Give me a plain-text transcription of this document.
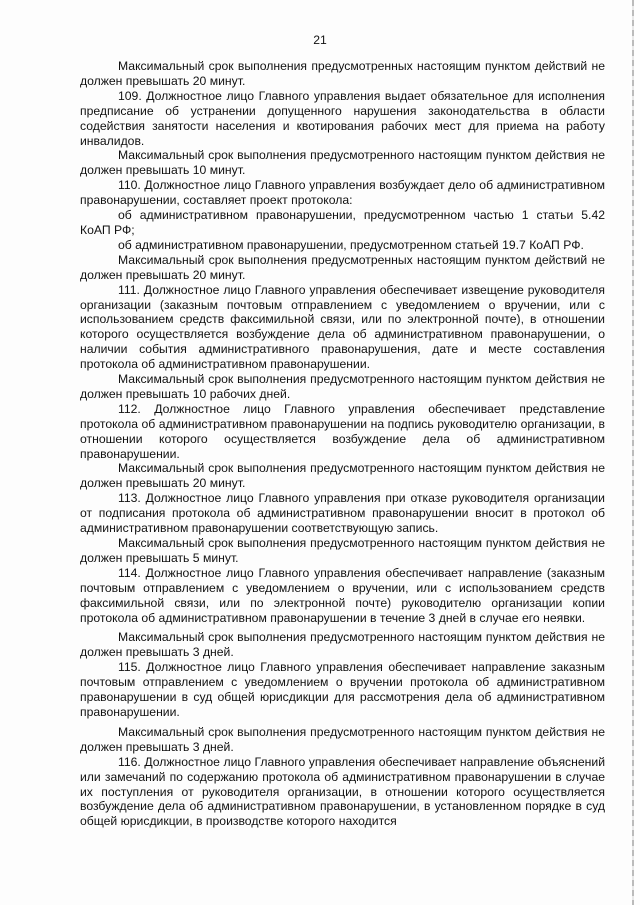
21

Максимальный срок выполнения предусмотренных настоящим пунктом действий не должен превышать 20 минут.

109. Должностное лицо Главного управления выдает обязательное для исполнения предписание об устранении допущенного нарушения законодательства в области содействия занятости населения и квотирования рабочих мест для приема на работу инвалидов.

Максимальный срок выполнения предусмотренного настоящим пунктом действия не должен превышать 10 минут.

110. Должностное лицо Главного управления возбуждает дело об административном правонарушении, составляет проект протокола:

об административном правонарушении, предусмотренном частью 1 статьи 5.42 КоАП РФ;

об административном правонарушении, предусмотренном статьей 19.7 КоАП РФ.

Максимальный срок выполнения предусмотренных настоящим пунктом действий не должен превышать 20 минут.

111. Должностное лицо Главного управления обеспечивает извещение руководителя организации (заказным почтовым отправлением с уведомлением о вручении, или с использованием средств факсимильной связи, или по электронной почте), в отношении которого осуществляется возбуждение дела об административном правонарушении, о наличии события административного правонарушения, дате и месте составления протокола об административном правонарушении.

Максимальный срок выполнения предусмотренного настоящим пунктом действия не должен превышать 10 рабочих дней.

112. Должностное лицо Главного управления обеспечивает представление протокола об административном правонарушении на подпись руководителю организации, в отношении которого осуществляется возбуждение дела об административном правонарушении.

Максимальный срок выполнения предусмотренного настоящим пунктом действия не должен превышать 20 минут.

113. Должностное лицо Главного управления при отказе руководителя организации от подписания протокола об административном правонарушении вносит в протокол об административном правонарушении соответствующую запись.

Максимальный срок выполнения предусмотренного настоящим пунктом действия не должен превышать 5 минут.

114. Должностное лицо Главного управления обеспечивает направление (заказным почтовым отправлением с уведомлением о вручении, или с использованием средств факсимильной связи, или по электронной почте) руководителю организации копии протокола об административном правонарушении в течение 3 дней в случае его неявки.

Максимальный срок выполнения предусмотренного настоящим пунктом действия не должен превышать 3 дней.

115. Должностное лицо Главного управления обеспечивает направление заказным почтовым отправлением с уведомлением о вручении протокола об административном правонарушении в суд общей юрисдикции для рассмотрения дела об административном правонарушении.

Максимальный срок выполнения предусмотренного настоящим пунктом действия не должен превышать 3 дней.

116. Должностное лицо Главного управления обеспечивает направление объяснений или замечаний по содержанию протокола об административном правонарушении в случае их поступления от руководителя организации, в отношении которого осуществляется возбуждение дела об административном правонарушении, в установленном порядке в суд общей юрисдикции, в производстве которого находится
